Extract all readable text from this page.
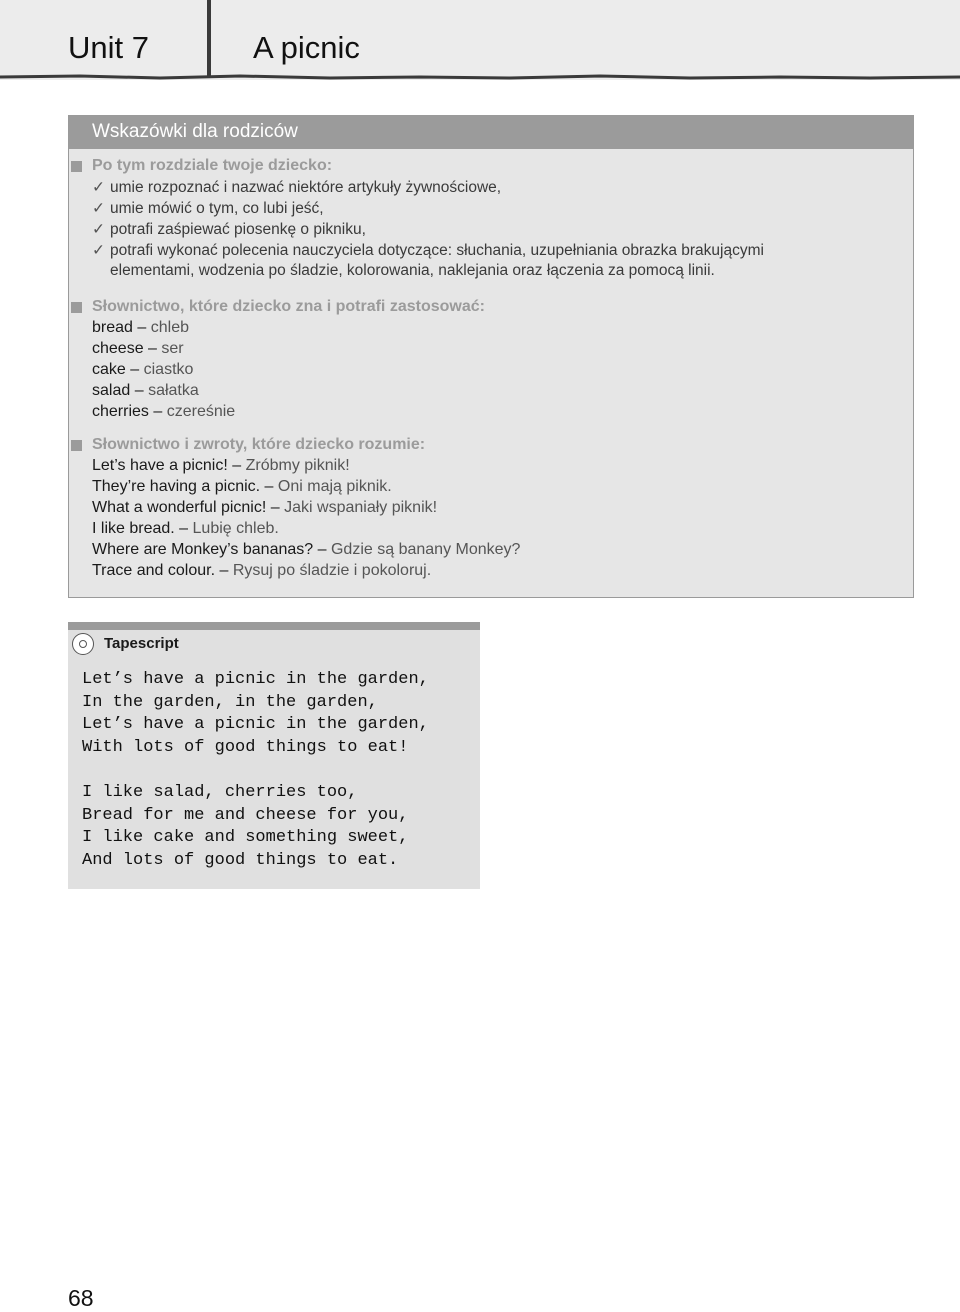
Unit 7	A picnic
Wskazówki dla rodziców
Po tym rozdziale twoje dziecko:
✓ umie rozpoznać i nazwać niektóre artykuły żywnościowe,
✓ umie mówić o tym, co lubi jeść,
✓ potrafi zaśpiewać piosenkę o pikniku,
✓ potrafi wykonać polecenia nauczyciela dotyczące: słuchania, uzupełniania obrazka brakującymi
elementami, wodzenia po śladzie, kolorowania, naklejania oraz łączenia za pomocą linii.
Słownictwo, które dziecko zna i potrafi zastosować:
bread – chleb
cheese – ser
cake – ciastko
salad – sałatka
cherries – czereśnie
Słownictwo i zwroty, które dziecko rozumie:
Let’s have a picnic! – Zróbmy piknik!
They’re having a picnic. – Oni mają piknik.
What a wonderful picnic! – Jaki wspaniały piknik!
I like bread. – Lubię chleb.
Where are Monkey’s bananas? – Gdzie są banany Monkey?
Trace and colour. – Rysuj po śladzie i pokoloruj.
Tapescript
Let’s have a picnic in the garden,
In the garden, in the garden,
Let’s have a picnic in the garden,
With lots of good things to eat!
I like salad, cherries too,
Bread for me and cheese for you,
I like cake and something sweet,
And lots of good things to eat.
68
